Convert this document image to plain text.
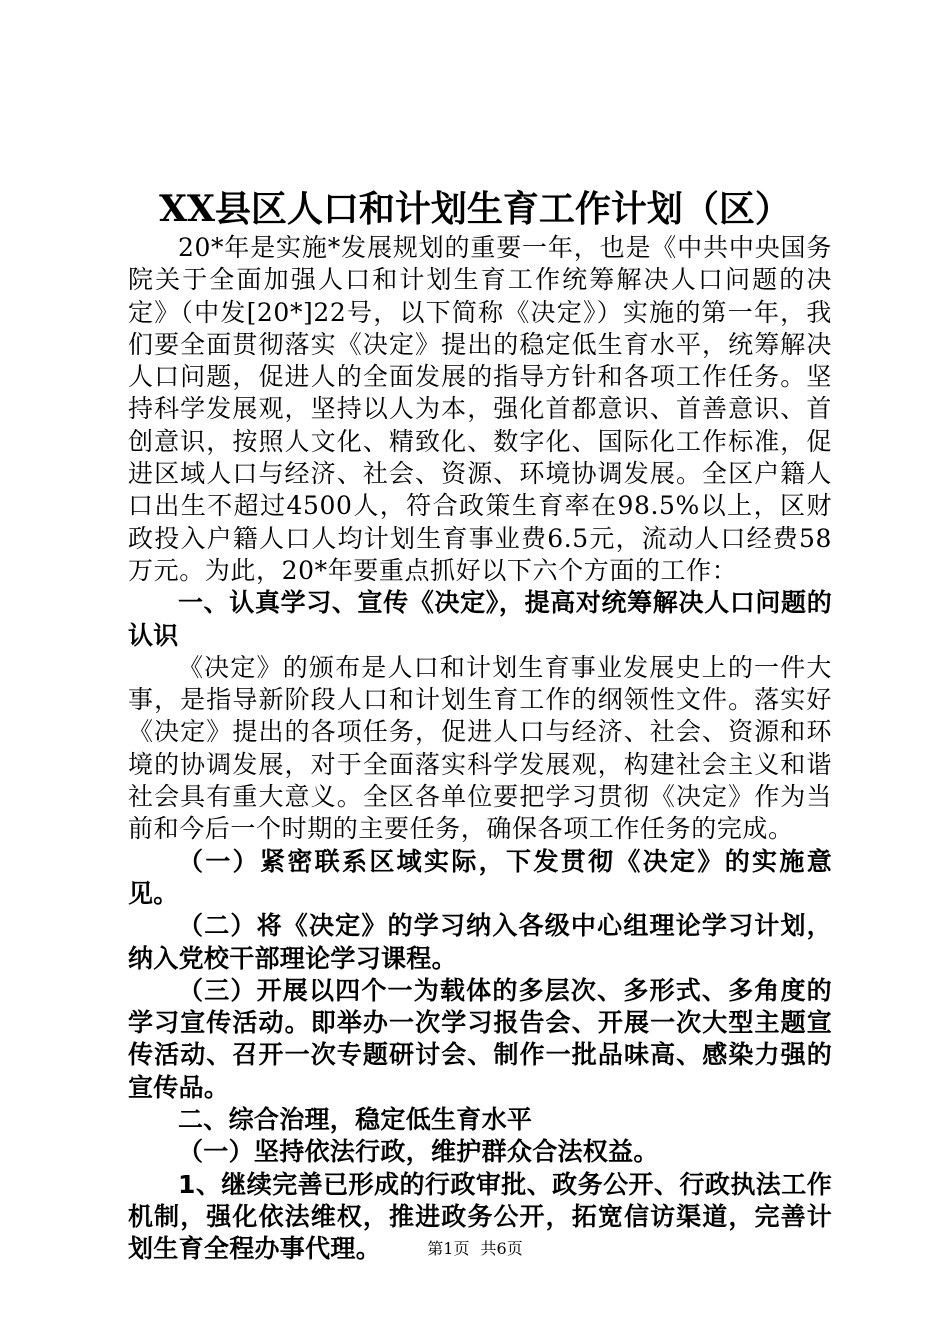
XX县区人口和计划生育工作计划（区）

20*年是实施*发展规划的重要一年，也是《中共中央国务院关于全面加强人口和计划生育工作统筹解决人口问题的决定》（中发[20*]22号，以下简称《决定》）实施的第一年，我们要全面贯彻落实《决定》提出的稳定低生育水平，统筹解决人口问题，促进人的全面发展的指导方针和各项工作任务。坚持科学发展观，坚持以人为本，强化首都意识、首善意识、首创意识，按照人文化、精致化、数字化、国际化工作标准，促进区域人口与经济、社会、资源、环境协调发展。全区户籍人口出生不超过4500人，符合政策生育率在98.5%以上，区财政投入户籍人口人均计划生育事业费6.5元，流动人口经费58万元。为此，20*年要重点抓好以下六个方面的工作：

一、认真学习、宣传《决定》，提高对统筹解决人口问题的认识

《决定》的颁布是人口和计划生育事业发展史上的一件大事，是指导新阶段人口和计划生育工作的纲领性文件。落实好《决定》提出的各项任务，促进人口与经济、社会、资源和环境的协调发展，对于全面落实科学发展观，构建社会主义和谐社会具有重大意义。全区各单位要把学习贯彻《决定》作为当前和今后一个时期的主要任务，确保各项工作任务的完成。

（一）紧密联系区域实际，下发贯彻《决定》的实施意见。

（二）将《决定》的学习纳入各级中心组理论学习计划，纳入党校干部理论学习课程。

（三）开展以四个一为载体的多层次、多形式、多角度的学习宣传活动。即举办一次学习报告会、开展一次大型主题宣传活动、召开一次专题研讨会、制作一批品味高、感染力强的宣传品。

二、综合治理，稳定低生育水平

（一）坚持依法行政，维护群众合法权益。

1、继续完善已形成的行政审批、政务公开、行政执法工作机制，强化依法维权，推进政务公开，拓宽信访渠道，完善计划生育全程办事代理。	第1页 共6页
